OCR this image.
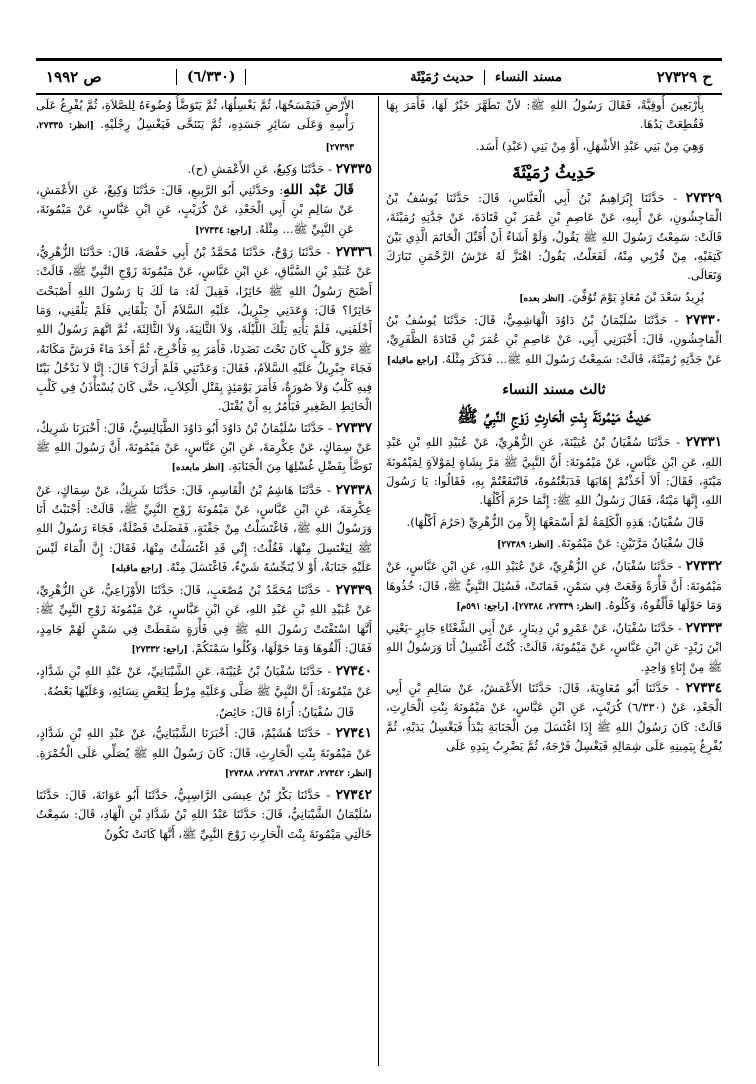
ح ٢٧٣٢٩
مسند النساء
حديث رُمَيْثَة
(٦/٣٣٠)
ص ١٩٩٢

بِأَرْبَعِينَ أُوقِيَّةً، فَقَالَ رَسُولُ اللهِ ﷺ: لأنْ تَطَهَّرَ خَيْرٌ لَهَا، فَأَمَرَ بِهَا فَقُطِعَتْ يَدُهَا.

وَهِيَ مِنْ بَنِي عَبْدِ الأَشْهَلِ، أَوْ مِنْ بَنِي (عَبْدِ) أَسَد.

حَدِيثُ رُمَيْثَةَ

٢٧٣٢٩ - حَدَّثَنَا إِبْرَاهِيمُ بْنُ أَبِي الْعَبَّاسِ، قَالَ: حَدَّثَنَا يُوسُفُ بْنُ الْمَاجِشُونِ، عَنْ أَبِيهِ، عَنْ عَاصِمِ بْنِ عُمَرَ بْنِ قَتَادَةَ، عَنْ جَدَّتِهِ رُمَيْثَةَ، قَالَتْ: سَمِعْتُ رَسُولَ اللهِ ﷺ يَقُولُ، وَلَوْ أَشَاءُ أَنْ أُقَبِّلَ الْخَاتَمَ الَّذِي بَيْنَ كَتِفَيْهِ، مِنْ قُرْبِي مِنْهُ، لَفَعَلْتُ، يَقُولُ: اهْتَزَّ لَهُ عَرْشُ الرَّحْمَنِ تَبَارَكَ وَتَعَالَى.

يُرِيدُ سَعْدَ بْنَ مُعَاذٍ يَوْمَ تُوُفِّيَ. [انظر بعده]

٢٧٣٣٠ - حَدَّثَنَا سُلَيْمَانُ بْنُ دَاوُدَ الْهَاشِمِيُّ، قَالَ: حَدَّثَنَا يُوسُفُ بْنُ الْمَاجِشُونِ، قَالَ: أَخْبَرَنِي أَبِي، عَنْ عَاصِمِ بْنِ عُمَرَ بْنِ قَتَادَةَ الظَّفَرِيِّ، عَنْ جَدَّتِهِ رُمَيْثَةَ، قَالَتْ: سَمِعْتُ رَسُولَ اللهِ ﷺ... فَذَكَرَ مِثْلَهُ. [راجع ماقبله]

ثالث مسند النساء
حَدِيثُ مَيْمُونَةَ بِنْتِ الْحَارِثِ زَوْجِ النَّبِيِّ ﷺ

٢٧٣٣١ - حَدَّثَنَا سُفْيَانُ بْنُ عُيَيْنَةَ، عَنِ الزُّهْرِيِّ، عَنْ عُبَيْدِ اللهِ بْنِ عَبْدِ اللهِ، عَنِ ابْنِ عَبَّاسٍ، عَنْ مَيْمُونَةَ: أَنَّ النَّبِيَّ ﷺ مَرَّ بِشَاةٍ لِمَوْلاَةٍ لِمَيْمُونَةَ مَيْتَةٍ، فَقَالَ: أَلاَ أَخَذْتُمْ إِهَابَهَا فَدَبَغْتُمُوهُ، فَانْتَفَعْتُمْ بِهِ، فَقَالُوا: يَا رَسُولَ اللهِ، إِنَّهَا مَيْتَةٌ، فَقَالَ رَسُولُ اللهِ ﷺ: إِنَّمَا حَرُمَ أَكْلُهَا.

قَالَ سُفْيَانُ: هَذِهِ الْكَلِمَةُ لَمْ أَسْمَعْهَا إِلاَّ مِنَ الزُّهْرِيِّ (حَرُمَ أَكْلُهَا).

قَالَ سُفْيَانُ مَرَّتَيْنِ: عَنْ مَيْمُونَةَ. [انظر: ٢٧٣٨٩]

٢٧٣٣٢ - حَدَّثَنَا سُفْيَانُ، عَنِ الزُّهْرِيِّ، عَنْ عُبَيْدِ اللهِ، عَنِ ابْنِ عَبَّاسٍ، عَنْ مَيْمُونَةَ: أَنَّ فَأْرَةً وَقَعَتْ فِي سَمْنٍ، فَمَاتَتْ، فَسُئِلَ النَّبِيُّ ﷺ، قَالَ: خُذُوهَا وَمَا حَوْلَهَا فَأَلْقُوهُ، وَكُلُوهُ. [انظر: ٢٧٣٣٩، ٢٧٣٨٤]، [راجع: ٥٩١م]

٢٧٣٣٣ - حَدَّثَنَا سُفْيَانُ، عَنْ عَمْرِو بْنِ دِينَارٍ، عَنْ أَبِي الشَّعْثَاءِ جَابِرٍ -يَعْنِي ابْنَ زَيْدٍ- عَنِ ابْنِ عَبَّاسٍ، عَنْ مَيْمُونَةَ، قَالَتْ: كُنْتُ أَغْتَسِلُ أَنَا وَرَسُولُ اللهِ ﷺ مِنْ إِنَاءٍ وَاحِدٍ.

٢٧٣٣٤ - حَدَّثَنَا أَبُو مُعَاوِيَةَ، قَالَ: حَدَّثَنَا الأَعْمَشُ، عَنْ سَالِمِ بْنِ أَبِي الْجَعْدِ، عَنْ (٦/٣٣٠) كُرَيْبٍ، عَنِ ابْنِ عَبَّاسٍ، عَنْ مَيْمُونَةَ بِنْتِ الْحَارِثِ، قَالَتْ: كَانَ رَسُولُ اللهِ ﷺ إِذَا اغْتَسَلَ مِنَ الْجَنَابَةِ يَبْدَأُ فَيَغْسِلُ يَدَيْهِ، ثُمَّ يُفْرِغُ بِيَمِينِهِ عَلَى شِمَالِهِ فَيَغْسِلُ فَرْجَهُ، ثُمَّ يَضْرِبُ بِيَدِهِ عَلَى

الأَرْضِ فَيَمْسَحُهَا، ثُمَّ يَغْسِلُهَا، ثُمَّ يَتَوَضَّأُ وُضُوءَهُ لِلصَّلاَةِ، ثُمَّ يُفْرِغُ عَلَى رَأْسِهِ وَعَلَى سَائِرِ جَسَدِهِ، ثُمَّ يَتَنَحَّى فَيَغْسِلُ رِجْلَيْهِ. [انظر: ٢٧٣٣٥، ٢٧٣٩٣]

٢٧٣٣٥ - حَدَّثَنَا وَكِيعٌ، عَنِ الأَعْمَشِ (ح).

قَالَ عَبْد اللهِ: وحَدَّثَنِي أَبُو الرَّبِيعِ، قَالَ: حَدَّثَنَا وَكِيعٌ، عَنِ الأَعْمَشِ، عَنْ سَالِمِ بْنِ أَبِي الْجَعْدِ، عَنْ كُرَيْبٍ، عَنِ ابْنِ عَبَّاسٍ، عَنْ مَيْمُونَةَ، عَنِ النَّبِيِّ ﷺ... مِثْلَهُ. [راجع: ٢٧٣٣٤]

٢٧٣٣٦ - حَدَّثَنَا رَوْحٌ، حَدَّثَنَا مُحَمَّدُ بْنُ أَبِي حَفْصَةَ، قَالَ: حَدَّثَنَا الزُّهْرِيُّ، عَنْ عُبَيْدِ بْنِ السَّبَّاقِ، عَنِ ابْنِ عَبَّاسٍ، عَنْ مَيْمُونَةَ زَوْجِ النَّبِيِّ ﷺ، قَالَتْ: أَصْبَحَ رَسُولُ اللهِ ﷺ خَاثِرًا، فَقِيلَ لَهُ: مَا لَكَ يَا رَسُولَ اللهِ أَصْبَحْتَ خَاثِرًا؟ قَالَ: وَعَدَنِي جِبْرِيلُ، عَلَيْهِ السَّلاَمُ أَنْ يَلْقَانِي فَلَمْ يَلْقَنِي، وَمَا أَخْلَفَنِي، فَلَمْ يَأْتِهِ تِلْكَ اللَّيْلَةَ، وَلاَ الثَّانِيَةَ، وَلاَ الثَّالِثَةَ، ثُمَّ اتَّهَمَ رَسُولُ اللهِ ﷺ جَرْوَ كَلْبٍ كَانَ تَحْتَ نَضَدِنَا، فَأَمَرَ بِهِ فَأُخْرِجَ، ثُمَّ أَخَذَ مَاءً فَرَشَّ مَكَانَهُ، فَجَاءَ جِبْرِيلُ عَلَيْهِ السَّلاَمُ، فَقَالَ: وَعَدْتَنِي فَلَمْ أَرَكَ؟ قَالَ: إِنَّا لاَ نَدْخُلُ بَيْتًا فِيهِ كَلْبٌ وَلاَ صُورَةٌ، فَأَمَرَ يَوْمَئِذٍ بِقَتْلِ الْكِلاَبِ، حَتَّى كَانَ يُسْتَأْذَنُ فِي كَلْبِ الْحَائِطِ الصَّغِيرِ فَيَأْمُرُ بِهِ أَنْ يُقْتَلَ.

٢٧٣٣٧ - حَدَّثَنَا سُلَيْمَانُ بْنُ دَاوُدَ أَبُو دَاوُدَ الطَّيَالِسِيُّ، قَالَ: أَخْبَرَنَا شَرِيكٌ، عَنْ سِمَاكٍ، عَنْ عِكْرِمَةَ، عَنِ ابْنِ عَبَّاسٍ، عَنْ مَيْمُونَةَ، أَنَّ رَسُولَ اللهِ ﷺ تَوَضَّأَ بِفَضْلِ غُسْلِهَا مِنَ الْجَنَابَةِ. [انظر مابعده]

٢٧٣٣٨ - حَدَّثَنَا هَاشِمُ بْنُ الْقَاسِمِ، قَالَ: حَدَّثَنَا شَرِيكٌ، عَنْ سِمَاكٍ، عَنْ عِكْرِمَةَ، عَنِ ابْنِ عَبَّاسٍ، عَنْ مَيْمُونَةَ زَوْجِ النَّبِيِّ ﷺ، قَالَتْ: أَجْنَبْتُ أَنَا وَرَسُولُ اللهِ ﷺ، فَاغْتَسَلْتُ مِنْ جَفْنَةٍ، فَفَضَلَتْ فَضْلَةٌ، فَجَاءَ رَسُولُ اللهِ ﷺ لِيَغْتَسِلَ مِنْهَا، فَقُلْتُ: إِنِّي قَدِ اغْتَسَلْتُ مِنْهَا، فَقَالَ: إِنَّ الْمَاءَ لَيْسَ عَلَيْهِ جَنَابَةٌ، أَوْ لاَ يُنَجِّسُهُ شَيْءٌ، فَاغْتَسَلَ مِنْهُ. [راجع ماقبله]

٢٧٣٣٩ - حَدَّثَنَا مُحَمَّدُ بْنُ مُصْعَبٍ، قَالَ: حَدَّثَنَا الأَوْزَاعِيُّ، عَنِ الزُّهْرِيِّ، عَنْ عُبَيْدِ اللهِ بْنِ عَبْدِ اللهِ، عَنِ ابْنِ عَبَّاسٍ، عَنْ مَيْمُونَةَ زَوْجِ النَّبِيِّ ﷺ: أَنَّهَا اسْتَفْتَتْ رَسُولَ اللهِ ﷺ فِي فَأْرَةٍ سَقَطَتْ فِي سَمْنٍ لَهُمْ جَامِدٍ، فَقَالَ: أَلْقُوهَا وَمَا حَوْلَهَا، وَكُلُوا سَمْنَكُمْ. [راجع: ٢٧٣٣٢]

٢٧٣٤٠ - حَدَّثَنَا سُفْيَانُ بْنُ عُيَيْنَةَ، عَنِ الشَّيْبَانِيِّ، عَنْ عَبْدِ اللهِ بْنِ شَدَّادٍ، عَنْ مَيْمُونَةَ: أَنَّ النَّبِيَّ ﷺ صَلَّى وَعَلَيْهِ مِرْطٌ لِبَعْضِ نِسَائِهِ، وَعَلَيْهَا بَعْضُهُ.

قَالَ سُفْيَانُ: أُرَاهُ قَالَ: حَائِضٌ.

٢٧٣٤١ - حَدَّثَنَا هُشَيْمٌ، قَالَ: أَخْبَرَنَا الشَّيْبَانِيُّ، عَنْ عَبْدِ اللهِ بْنِ شَدَّادٍ، عَنْ مَيْمُونَةَ بِنْتِ الْحَارِثِ، قَالَ: كَانَ رَسُولُ اللهِ ﷺ يُصَلِّي عَلَى الْخُمْرَةِ. [انظر: ٢٧٣٤٢، ٢٧٣٨٣، ٢٧٣٨٦، ٢٧٣٨٨]

٢٧٣٤٢ - حَدَّثَنَا بَكْرُ بْنُ عِيسَى الرَّاسِبِيُّ، حَدَّثَنَا أَبُو عَوَانَةَ، قَالَ: حَدَّثَنَا سُلَيْمَانُ الشَّيْبَانِيُّ، قَالَ: حَدَّثَنَا عَبْدُ اللهِ بْنُ شَدَّادِ بْنِ الْهَادِ، قَالَ: سَمِعْتُ خَالَتِي مَيْمُونَةَ بِنْتَ الْحَارِثِ زَوْجَ النَّبِيِّ ﷺ، أَنَّهَا كَانَتْ تَكُونُ
